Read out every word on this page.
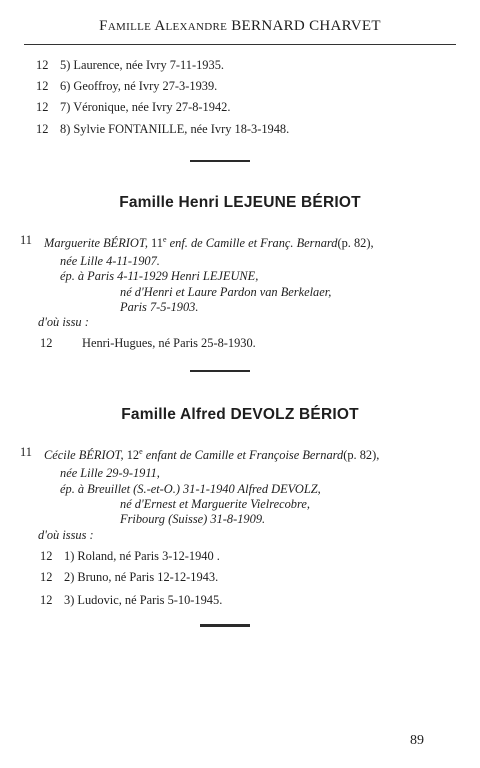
Famille Alexandre BERNARD CHARVET
12 5) Laurence, née Ivry 7-11-1935.
12 6) Geoffroy, né Ivry 27-3-1939.
12 7) Véronique, née Ivry 27-8-1942.
12 8) Sylvie FONTANILLE, née Ivry 18-3-1948.
Famille Henri LEJEUNE BÉRIOT
11 Marguerite BÉRIOT, 11e enf. de Camille et Franç. Bernard(p. 82),
née Lille 4-11-1907.
ép. à Paris 4-11-1929 Henri LEJEUNE,
né d'Henri et Laure Pardon van Berkelaer,
Paris 7-5-1903.
d'où issu :
12 Henri-Hugues, né Paris 25-8-1930.
Famille Alfred DEVOLZ BÉRIOT
11 Cécile BÉRIOT, 12e enfant de Camille et Françoise Bernard(p. 82),
née Lille 29-9-1911,
ép. à Breuillet (S.-et-O.) 31-1-1940 Alfred DEVOLZ,
né d'Ernest et Marguerite Vielrecobre,
Fribourg (Suisse) 31-8-1909.
d'où issus :
12 1) Roland, né Paris 3-12-1940 .
12 2) Bruno, né Paris 12-12-1943.
12 3) Ludovic, né Paris 5-10-1945.
89
